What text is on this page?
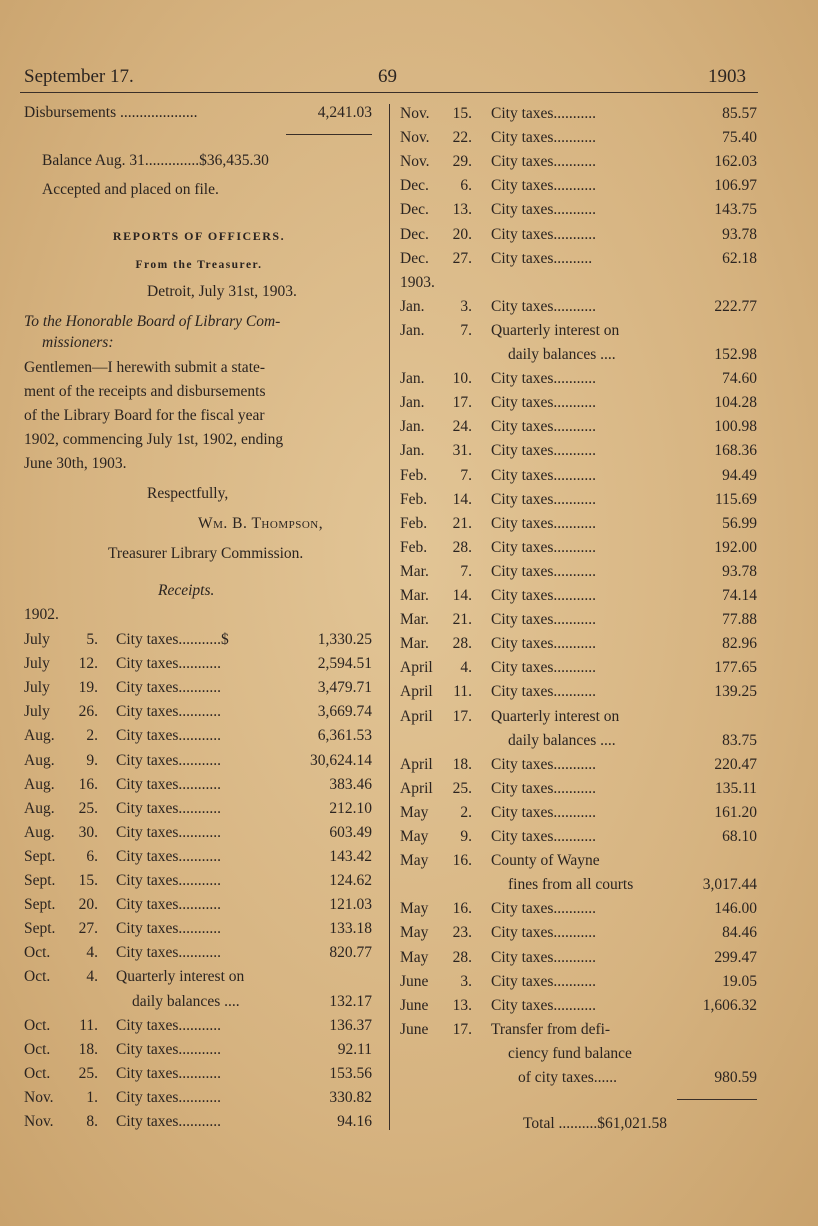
September 17.	69	1903
Disbursements ....................	4,241.03
Balance Aug. 31..............$36,435.30
Accepted and placed on file.
REPORTS OF OFFICERS.
From the Treasurer.
Detroit, July 31st, 1903.
To the Honorable Board of Library Com-
missioners:
Gentlemen—I herewith submit a state-
ment of the receipts and disbursements
of the Library Board for the fiscal year
1902, commencing July 1st, 1902, ending
June 30th, 1903.
Respectfully,
Wm. B. Thompson,
Treasurer Library Commission.
Receipts.
1902.
July	5. City taxes...........$	1,330.25
July	12. City taxes...........	2,594.51
July	19. City taxes...........	3,479.71
July	26. City taxes...........	3,669.74
Aug.	2. City taxes...........	6,361.53
Aug.	9. City taxes...........	30,624.14
Aug.	16. City taxes...........	383.46
Aug.	25. City taxes...........	212.10
Aug.	30. City taxes...........	603.49
Sept.	6. City taxes...........	143.42
Sept.	15. City taxes...........	124.62
Sept.	20. City taxes...........	121.03
Sept.	27. City taxes...........	133.18
Oct.	4. City taxes...........	820.77
Oct.	4. Quarterly interest on
daily balances ....	132.17
Oct.	11. City taxes...........	136.37
Oct.	18. City taxes...........	92.11
Oct.	25. City taxes...........	153.56
Nov.	1. City taxes...........	330.82
Nov.	8. City taxes...........	94.16
Nov.	15. City taxes...........	85.57
Nov.	22. City taxes...........	75.40
Nov.	29. City taxes...........	162.03
Dec.	6. City taxes...........	106.97
Dec.	13. City taxes...........	143.75
Dec.	20. City taxes...........	93.78
Dec.	27. City taxes..........	62.18
1903.
Jan.	3. City taxes...........	222.77
Jan.	7. Quarterly interest on
daily balances ....	152.98
Jan.	10. City taxes...........	74.60
Jan.	17. City taxes...........	104.28
Jan.	24. City taxes...........	100.98
Jan.	31. City taxes...........	168.36
Feb.	7. City taxes...........	94.49
Feb.	14. City taxes...........	115.69
Feb.	21. City taxes...........	56.99
Feb.	28. City taxes...........	192.00
Mar.	7. City taxes...........	93.78
Mar.	14. City taxes...........	74.14
Mar.	21. City taxes...........	77.88
Mar.	28. City taxes...........	82.96
April	4. City taxes...........	177.65
April	11. City taxes...........	139.25
April	17. Quarterly interest on
daily balances ....	83.75
April	18. City taxes...........	220.47
April	25. City taxes...........	135.11
May	2. City taxes...........	161.20
May	9. City taxes...........	68.10
May	16. County of Wayne
fines from all courts	3,017.44
May	16. City taxes...........	146.00
May	23. City taxes...........	84.46
May	28. City taxes...........	299.47
June	3. City taxes...........	19.05
June	13. City taxes...........	1,606.32
June	17. Transfer from defi-
ciency fund balance
of city taxes......	980.59
Total ..........$61,021.58
